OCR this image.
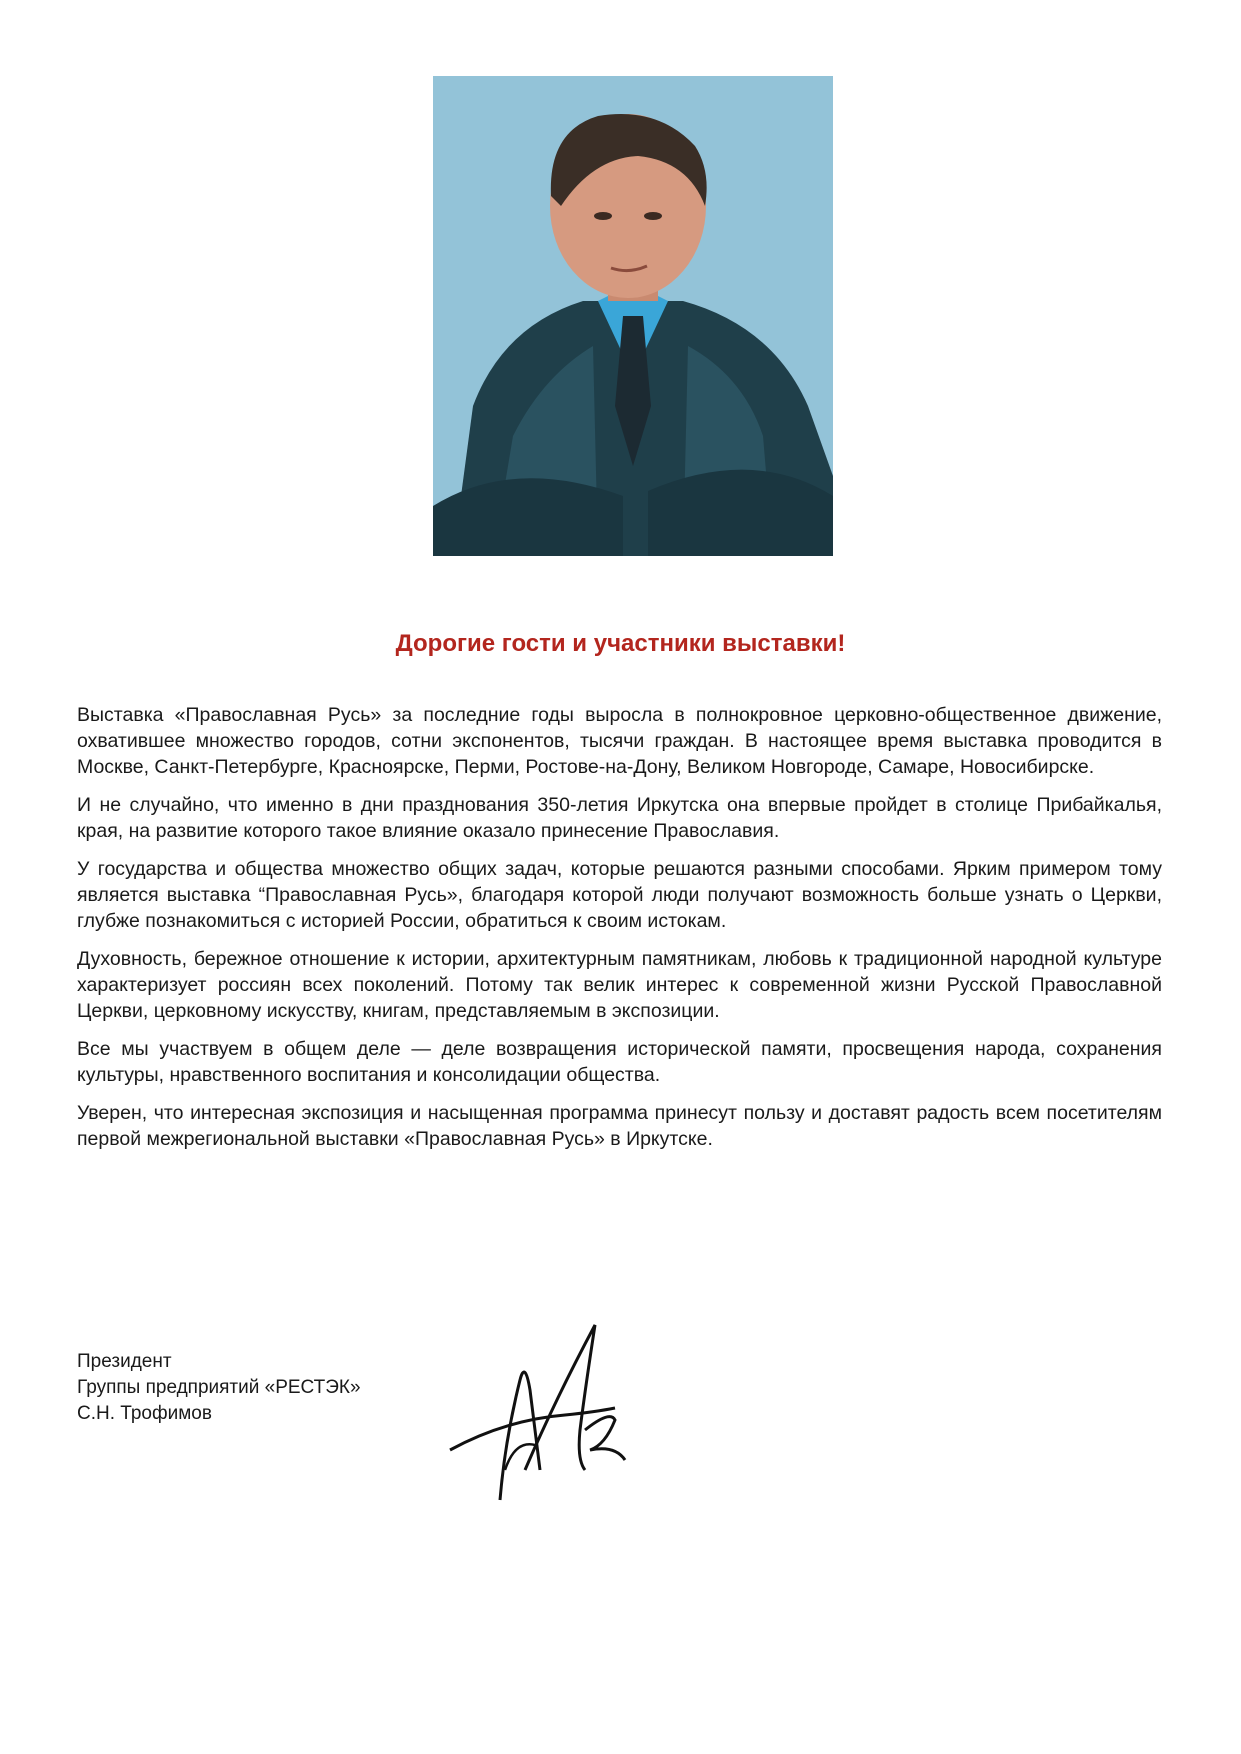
Дорогие гости и участники выставки!

Выставка «Православная Русь» за последние годы выросла в полнокровное церковно-общественное движение, охватившее множество городов, сотни экспонентов, тысячи граждан. В настоящее время выставка проводится в Москве, Санкт-Петербурге, Красноярске, Перми, Ростове-на-Дону, Великом Новгороде, Самаре, Новосибирске.

И не случайно, что именно в дни празднования 350-летия Иркутска она впервые пройдет в столице Прибайкалья, края, на развитие которого такое влияние оказало принесение Православия.

У государства и общества множество общих задач, которые решаются разными способами. Ярким примером тому является выставка “Православная Русь», благодаря которой люди получают возможность больше узнать о Церкви, глубже познакомиться с историей России, обратиться к своим истокам.

Духовность, бережное отношение к истории, архитектурным памятникам, любовь к традиционной народной культуре характеризует россиян всех поколений. Потому так велик интерес к современной жизни Русской Православной Церкви, церковному искусству, книгам, представляемым в экспозиции.

Все мы участвуем в общем деле — деле возвращения исторической памяти, просвещения народа, сохранения культуры, нравственного воспитания и консолидации общества.

Уверен, что интересная экспозиция и насыщенная программа принесут пользу и доставят радость всем посетителям первой межрегиональной выставки «Православная Русь» в Иркутске.

Президент
Группы предприятий «РЕСТЭК»
С.Н. Трофимов
